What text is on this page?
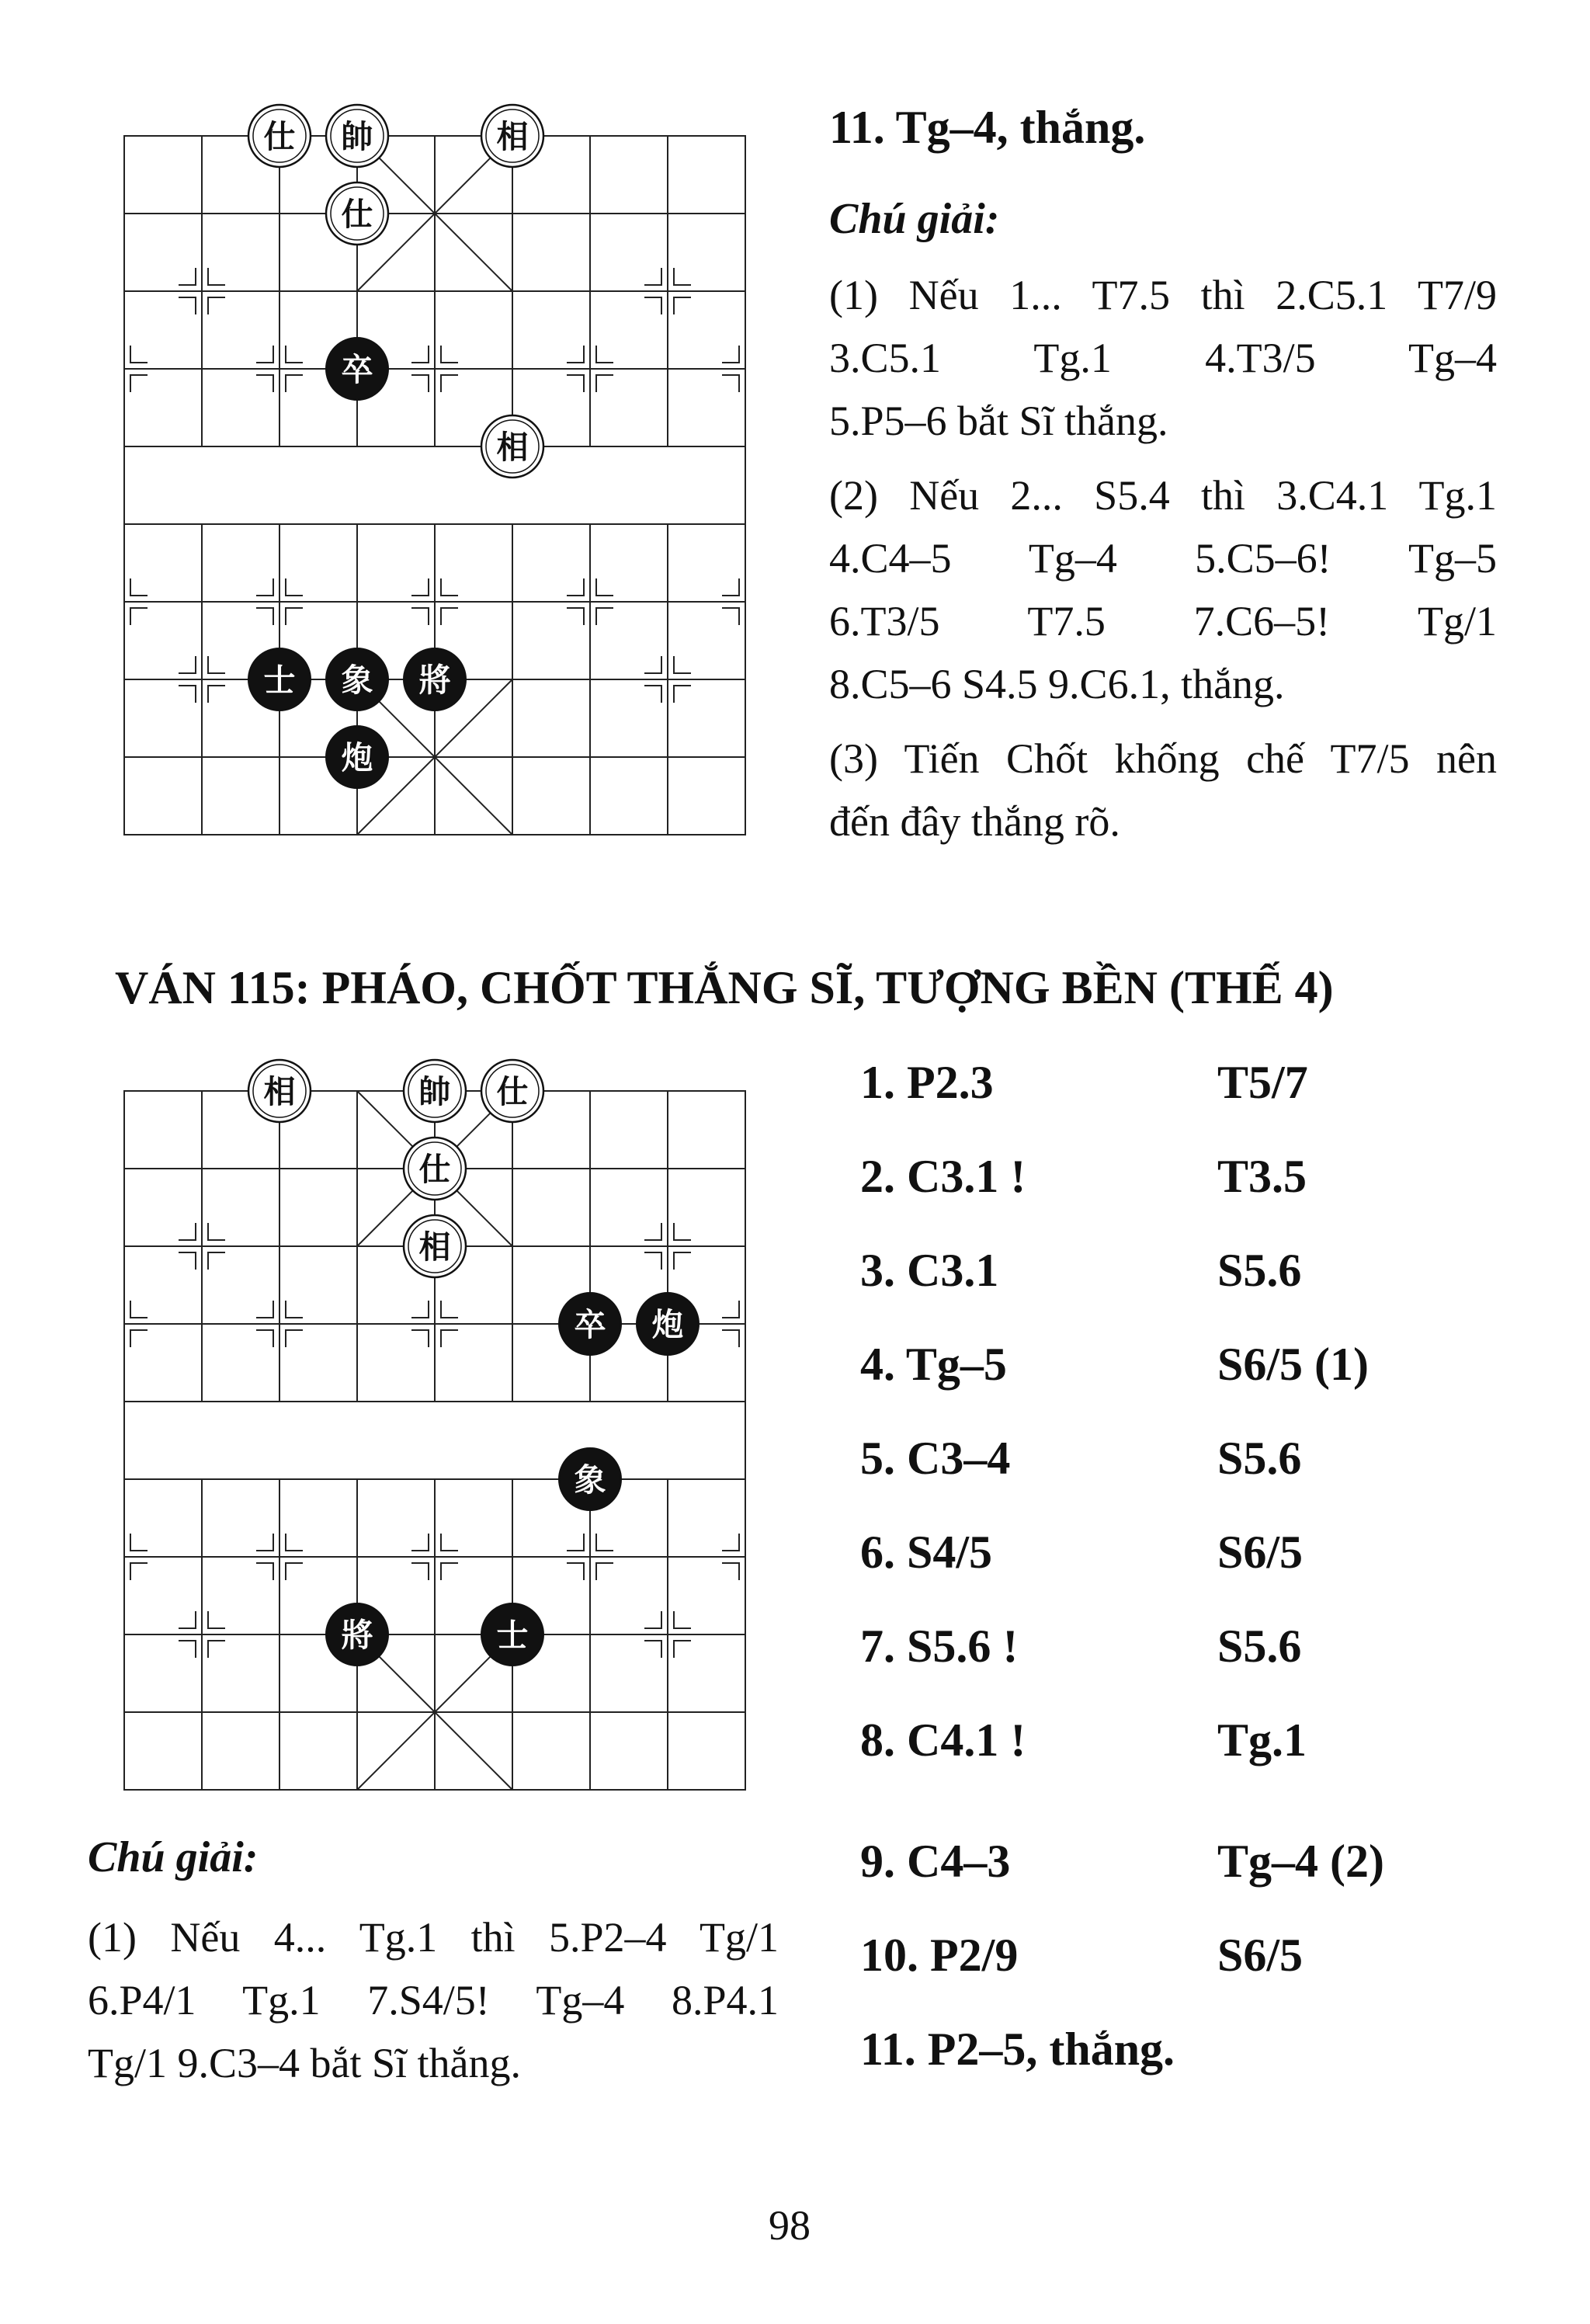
仕 帥	相
仕
卒
相
士 象 將
炮
11. Tg–4, thắng.
Chú giải:
(1) Nếu 1... T7.5 thì 2.C5.1 T7/9
3.C5.1 Tg.1 4.T3/5 Tg–4
5.P5–6 bắt Sĩ thắng.
(2) Nếu 2... S5.4 thì 3.C4.1 Tg.1
4.C4–5 Tg–4 5.C5–6! Tg–5
6.T3/5 T7.5 7.C6–5! Tg/1
8.C5–6 S4.5 9.C6.1, thắng.
(3) Tiến Chốt khống chế T7/5 nên
đến đây thắng rõ.
VÁN 115: PHÁO, CHỐT THẮNG SĨ, TƯỢNG BỀN (THẾ 4)
相	帥 仕
仕
相
卒 炮
象
將	士
1. P2.3	T5/7
2. C3.1 !	T3.5
3. C3.1	S5.6
4. Tg–5	S6/5 (1)
5. C3–4	S5.6
6. S4/5	S6/5
7. S5.6 !	S5.6
8. C4.1 !	Tg.1
9. C4–3	Tg–4 (2)
10. P2/9	S6/5
11. P2–5, thắng.
Chú giải:
(1) Nếu 4... Tg.1 thì 5.P2–4 Tg/1
6.P4/1 Tg.1 7.S4/5! Tg–4 8.P4.1
Tg/1 9.C3–4 bắt Sĩ thắng.
98
